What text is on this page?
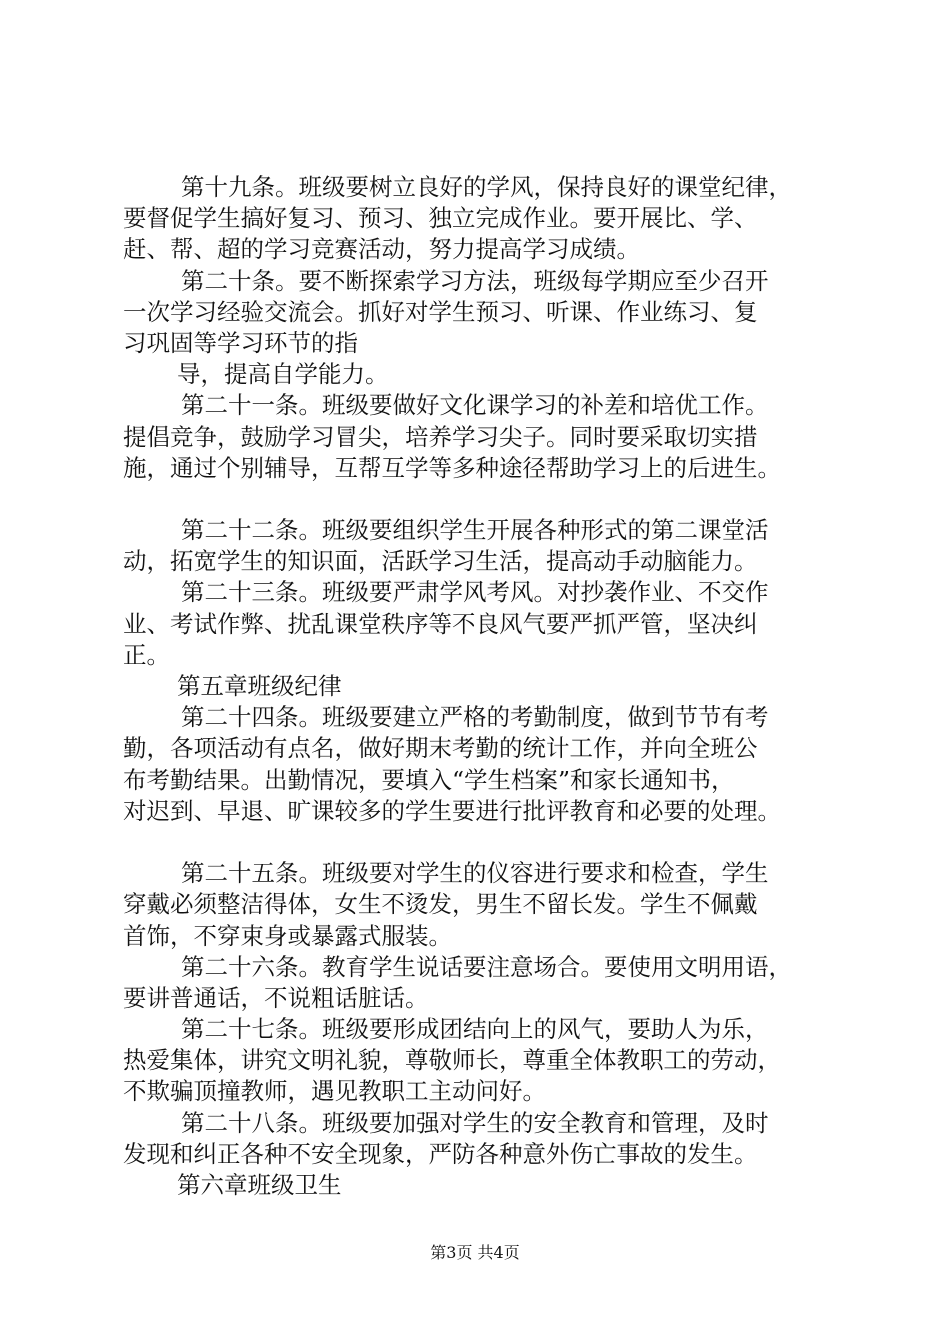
第十九条。班级要树立良好的学风，保持良好的课堂纪律，
要督促学生搞好复习、预习、独立完成作业。要开展比、学、
赶、帮、超的学习竞赛活动，努力提高学习成绩。
第二十条。要不断探索学习方法，班级每学期应至少召开
一次学习经验交流会。抓好对学生预习、听课、作业练习、复
习巩固等学习环节的指
导，提高自学能力。
第二十一条。班级要做好文化课学习的补差和培优工作。
提倡竞争，鼓励学习冒尖，培养学习尖子。同时要采取切实措
施，通过个别辅导，互帮互学等多种途径帮助学习上的后进生。
第二十二条。班级要组织学生开展各种形式的第二课堂活
动，拓宽学生的知识面，活跃学习生活，提高动手动脑能力。
第二十三条。班级要严肃学风考风。对抄袭作业、不交作
业、考试作弊、扰乱课堂秩序等不良风气要严抓严管，坚决纠
正。
第五章班级纪律
第二十四条。班级要建立严格的考勤制度，做到节节有考
勤，各项活动有点名，做好期末考勤的统计工作，并向全班公
布考勤结果。出勤情况，要填入“学生档案”和家长通知书，
对迟到、早退、旷课较多的学生要进行批评教育和必要的处理。
第二十五条。班级要对学生的仪容进行要求和检查，学生
穿戴必须整洁得体，女生不烫发，男生不留长发。学生不佩戴
首饰，不穿束身或暴露式服装。
第二十六条。教育学生说话要注意场合。要使用文明用语，
要讲普通话，不说粗话脏话。
第二十七条。班级要形成团结向上的风气，要助人为乐，
热爱集体，讲究文明礼貌，尊敬师长，尊重全体教职工的劳动，
不欺骗顶撞教师，遇见教职工主动问好。
第二十八条。班级要加强对学生的安全教育和管理，及时
发现和纠正各种不安全现象，严防各种意外伤亡事故的发生。
第六章班级卫生
第3页 共4页
